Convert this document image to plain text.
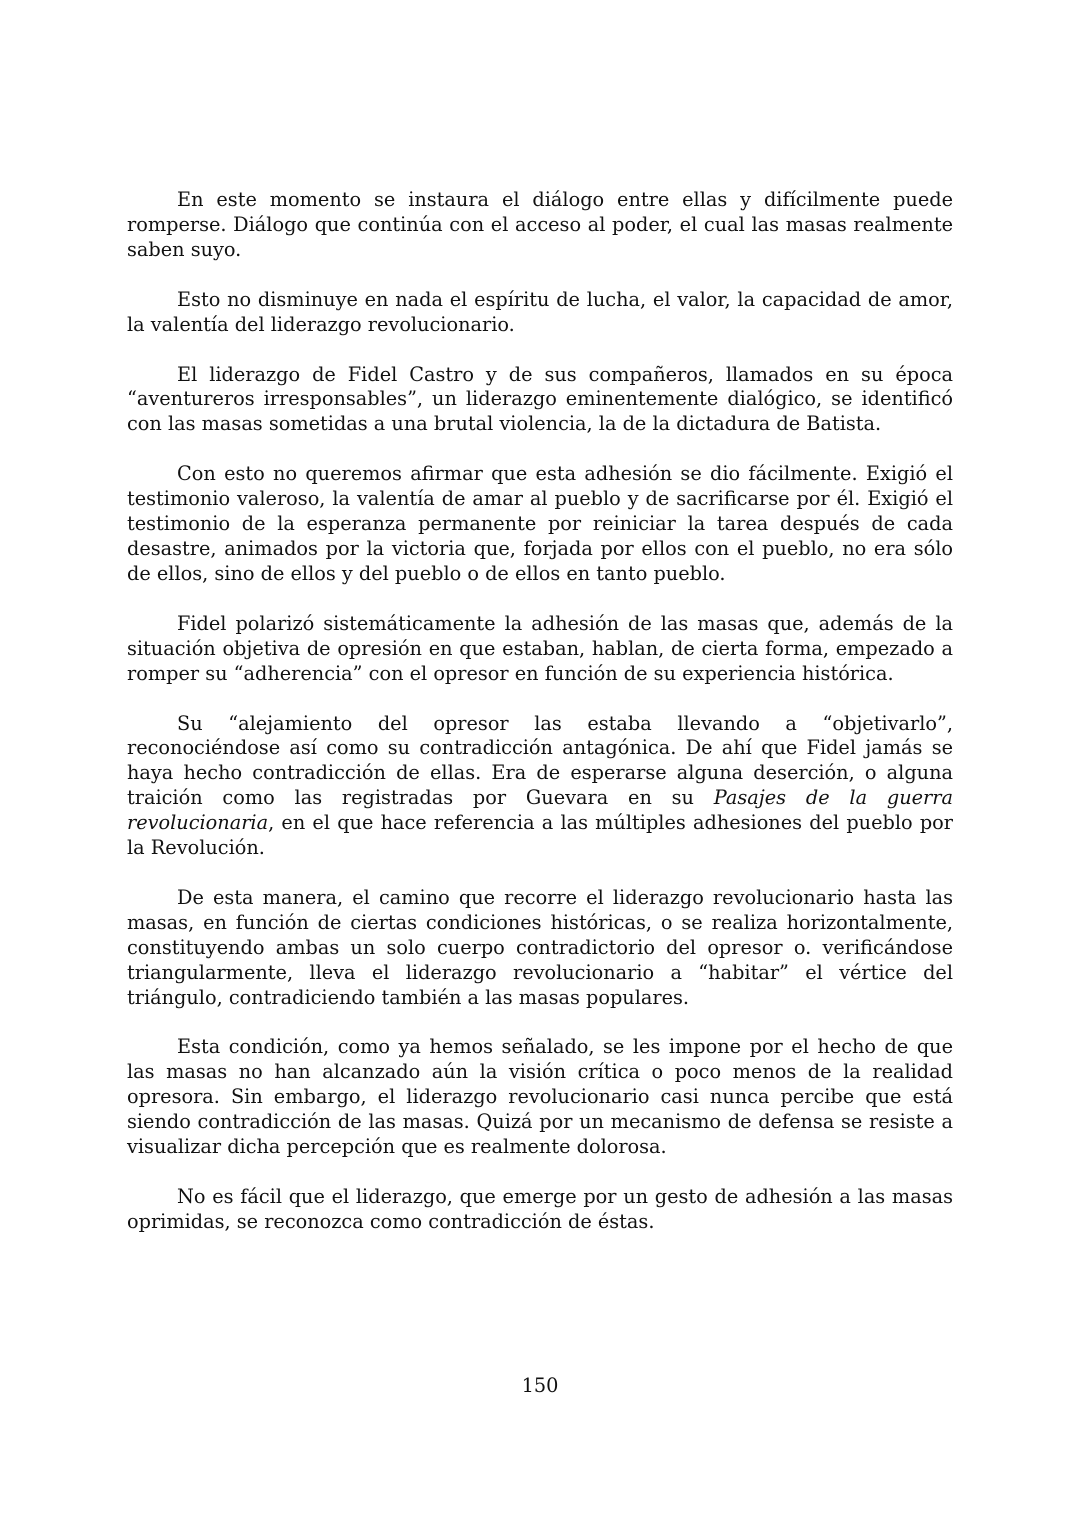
En este momento se instaura el diálogo entre ellas y difícilmente puede romperse. Diálogo que continúa con el acceso al poder, el cual las masas realmente saben suyo.

Esto no disminuye en nada el espíritu de lucha, el valor, la capacidad de amor, la valentía del liderazgo revolucionario.

El liderazgo de Fidel Castro y de sus compañeros, llamados en su época “aventureros irresponsables”, un liderazgo eminentemente dialógico, se identificó con las masas sometidas a una brutal violencia, la de la dictadura de Batista.

Con esto no queremos afirmar que esta adhesión se dio fácilmente. Exigió el testimonio valeroso, la valentía de amar al pueblo y de sacrificarse por él. Exigió el testimonio de la esperanza permanente por reiniciar la tarea después de cada desastre, animados por la victoria que, forjada por ellos con el pueblo, no era sólo de ellos, sino de ellos y del pueblo o de ellos en tanto pueblo.

Fidel polarizó sistemáticamente la adhesión de las masas que, además de la situación objetiva de opresión en que estaban, hablan, de cierta forma, empezado a romper su “adherencia” con el opresor en función de su experiencia histórica.

Su “alejamiento del opresor las estaba llevando a “objetivarlo”, reconociéndose así como su contradicción antagónica. De ahí que Fidel jamás se haya hecho contradicción de ellas. Era de esperarse alguna deserción, o alguna traición como las registradas por Guevara en su Pasajes de la guerra revolucionaria, en el que hace referencia a las múltiples adhesiones del pueblo por la Revolución.

De esta manera, el camino que recorre el liderazgo revolucionario hasta las masas, en función de ciertas condiciones históricas, o se realiza horizontalmente, constituyendo ambas un solo cuerpo contradictorio del opresor o. verificándose triangularmente, lleva el liderazgo revolucionario a “habitar” el vértice del triángulo, contradiciendo también a las masas populares.

Esta condición, como ya hemos señalado, se les impone por el hecho de que las masas no han alcanzado aún la visión crítica o poco menos de la realidad opresora. Sin embargo, el liderazgo revolucionario casi nunca percibe que está siendo contradicción de las masas. Quizá por un mecanismo de defensa se resiste a visualizar dicha percepción que es realmente dolorosa.

No es fácil que el liderazgo, que emerge por un gesto de adhesión a las masas oprimidas, se reconozca como contradicción de éstas.

150
